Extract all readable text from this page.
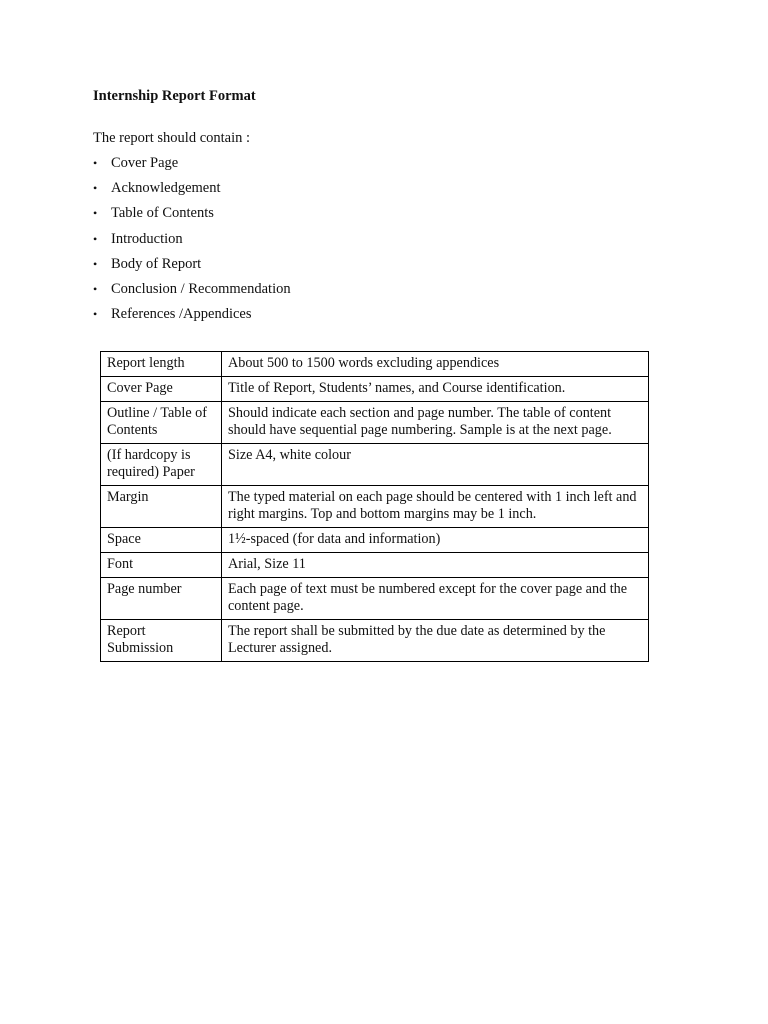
Internship Report Format
The report should contain :
• Cover Page
• Acknowledgement
• Table of Contents
• Introduction
• Body of Report
• Conclusion / Recommendation
• References /Appendices
Report length	About 500 to 1500 words excluding appendices
Cover Page	Title of Report, Students’ names, and Course identification.
Outline / Table of Contents	Should indicate each section and page number. The table of content should have sequential page numbering. Sample is at the next page.
(If hardcopy is required) Paper	Size A4, white colour
Margin	The typed material on each page should be centered with 1 inch left and right margins. Top and bottom margins may be 1 inch.
Space	1½-spaced (for data and information)
Font	Arial, Size 11
Page number	Each page of text must be numbered except for the cover page and the content page.
Report Submission	The report shall be submitted by the due date as determined by the Lecturer assigned.
